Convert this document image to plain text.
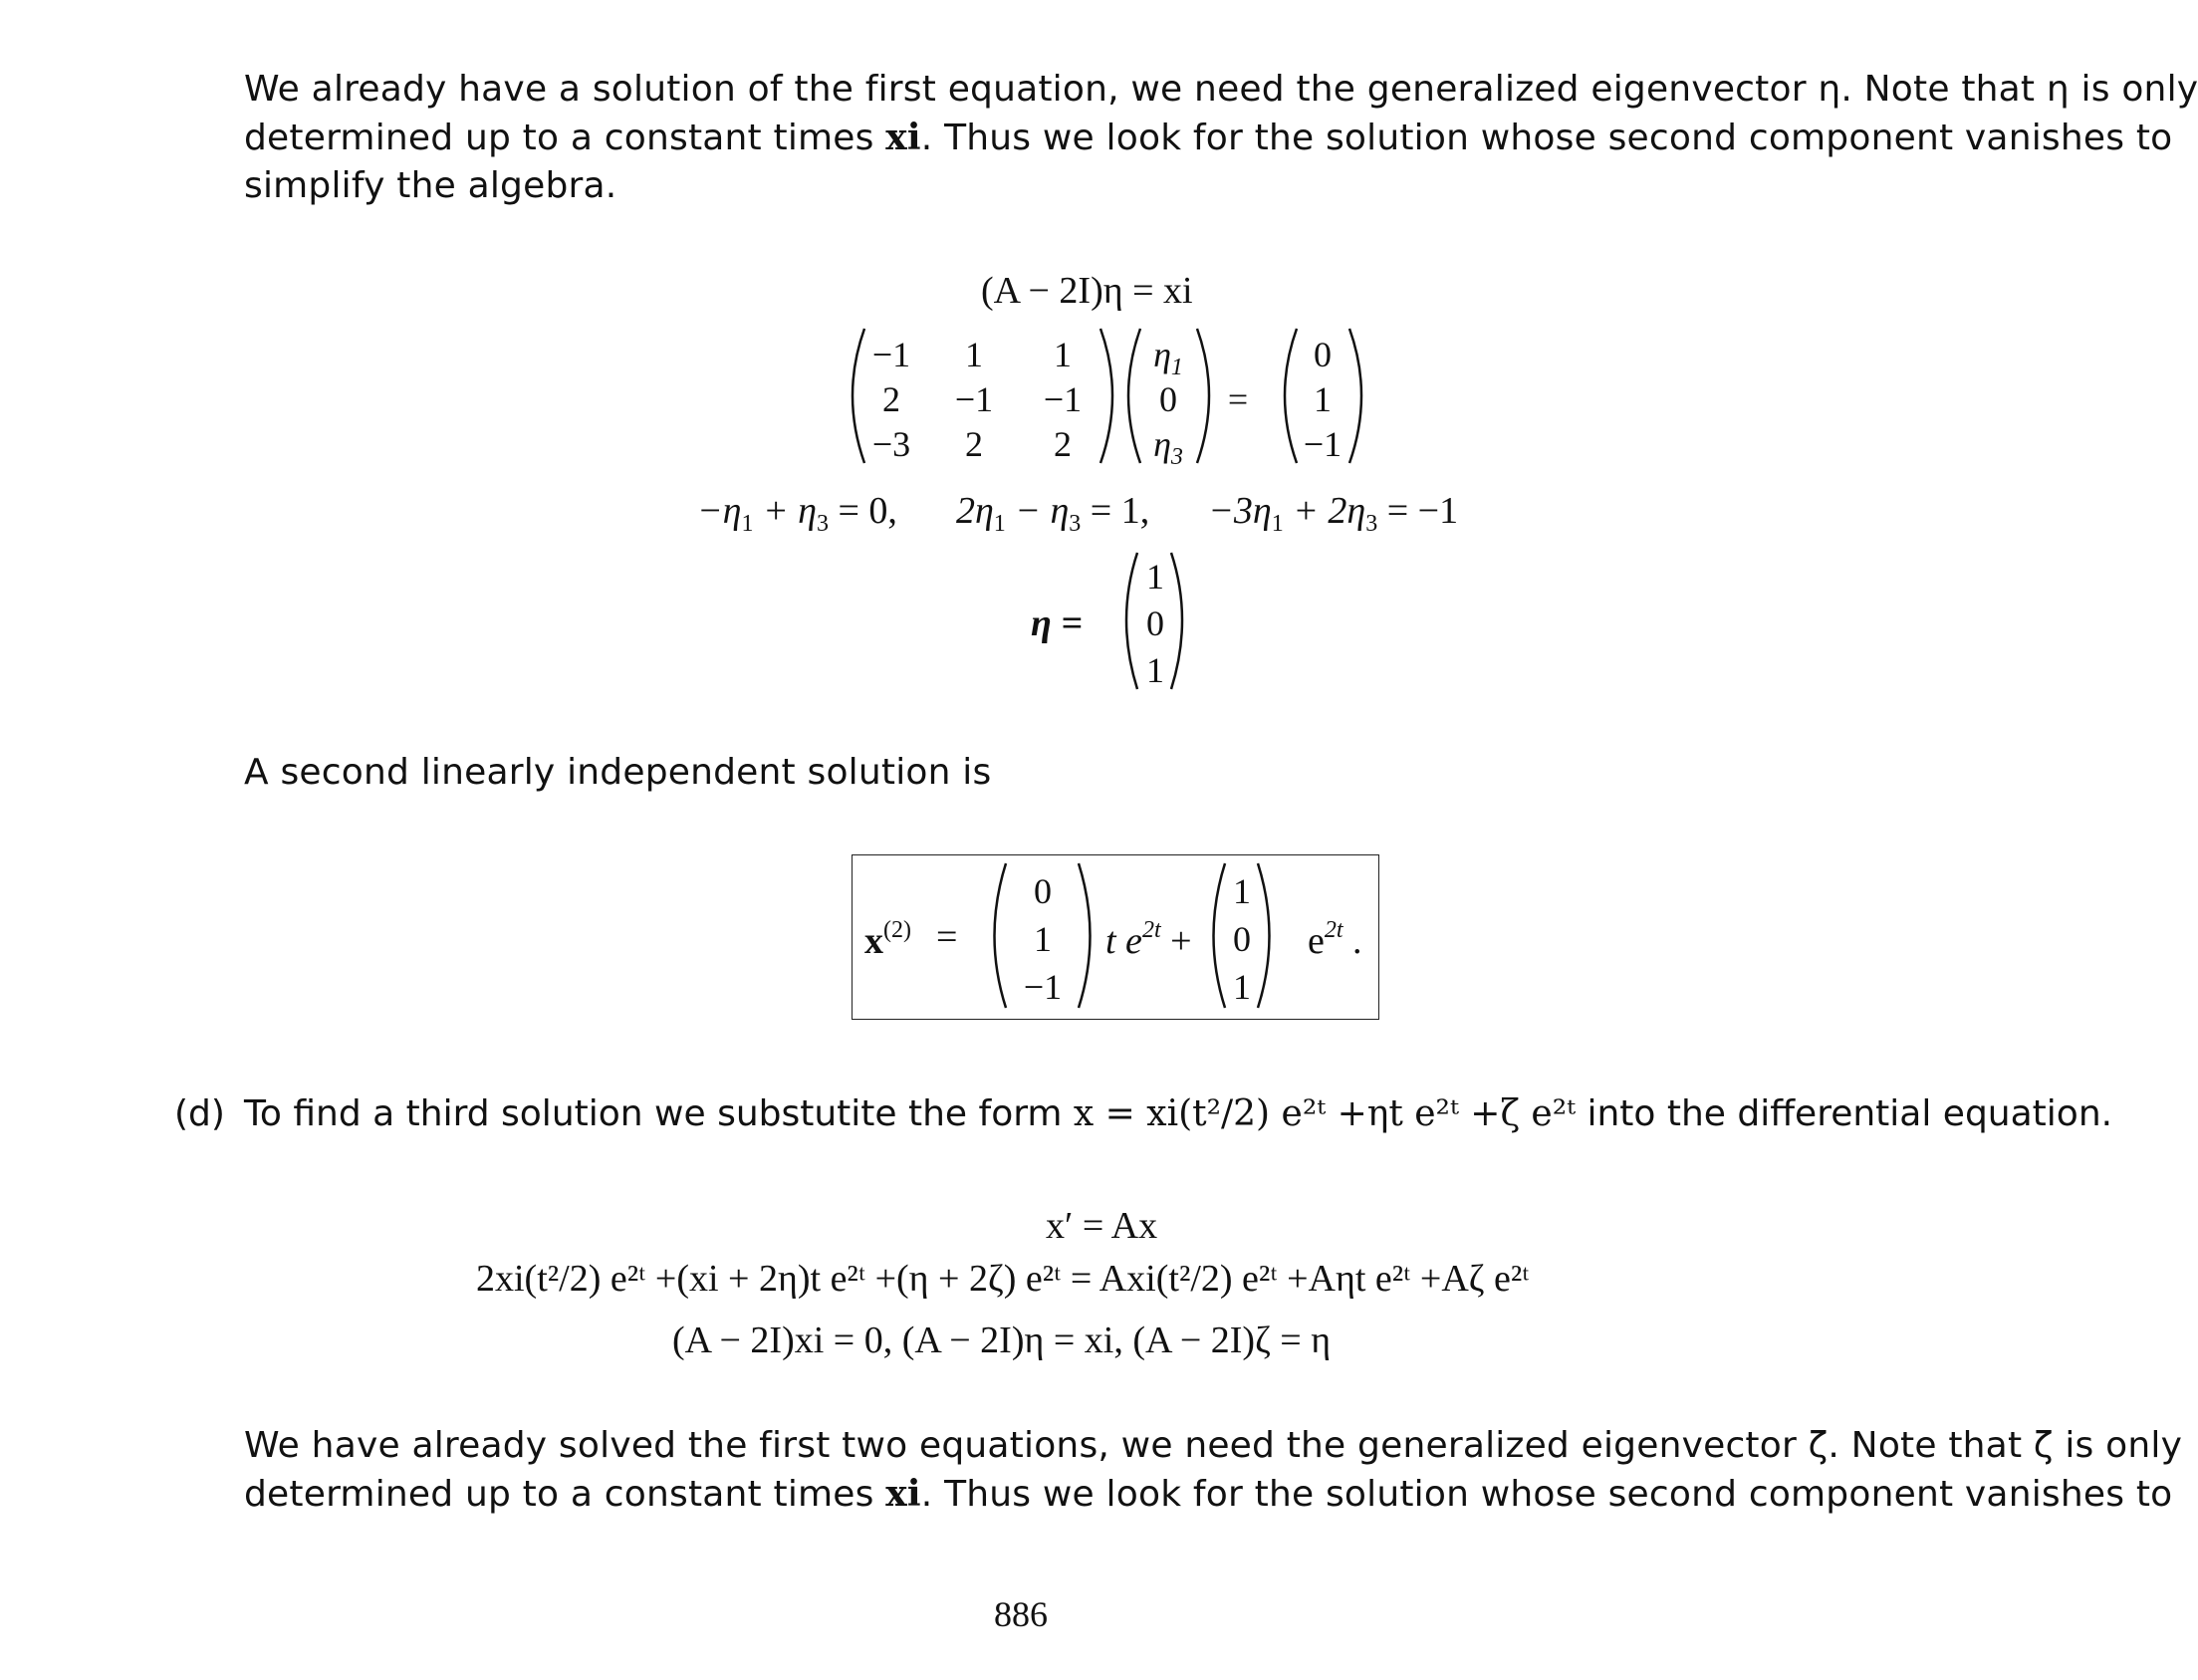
We already have a solution of the first equation, we need the generalized eigenvector η. Note that η is only
determined up to a constant times xi. Thus we look for the solution whose second component vanishes to
simplify the algebra.
(A − 2I)η = xi
−1	1	1
2	−1	−1
−3	2	2
$\eta_1$
0
$\eta_3$
=
0
1
−1
$-\eta_1 + \eta_3 = 0$, $2\eta_1 - \eta_3 = 1$, $-3\eta_1 + 2\eta_3 = -1$
η =
1
0
1
A second linearly independent solution is
$x^{(2)}$ =
0
1
−1
1
0
1
t $e^{2t}$ +	$e^{2t}$ .
(d) To find a third solution we substutite the form x = xi(t²/2) e²ᵗ +ηt e²ᵗ +ζ e²ᵗ into the differential equation.
x′ = Ax
2xi(t²/2) e²ᵗ +(xi + 2η)t e²ᵗ +(η + 2ζ) e²ᵗ = Axi(t²/2) e²ᵗ +Aηt e²ᵗ +Aζ e²ᵗ
(A − 2I)xi = 0, (A − 2I)η = xi, (A − 2I)ζ = η
We have already solved the first two equations, we need the generalized eigenvector ζ. Note that ζ is only
determined up to a constant times xi. Thus we look for the solution whose second component vanishes to
886
